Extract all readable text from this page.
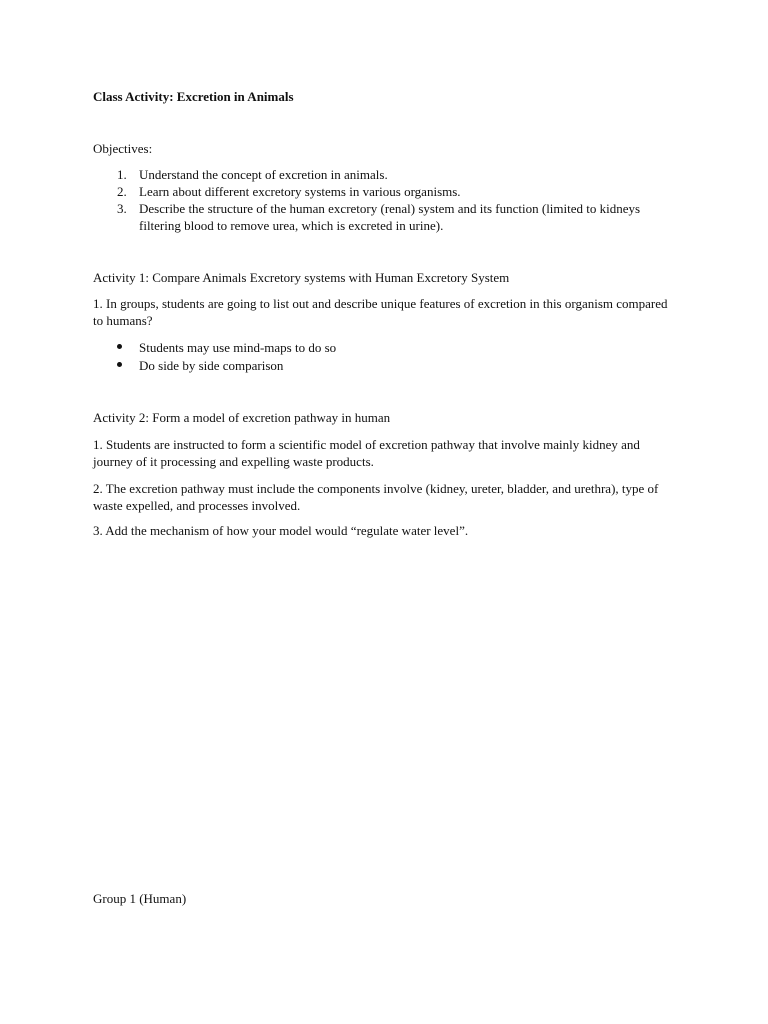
Class Activity: Excretion in Animals
Objectives:
1. Understand the concept of excretion in animals.
2. Learn about different excretory systems in various organisms.
3. Describe the structure of the human excretory (renal) system and its function (limited to kidneys filtering blood to remove urea, which is excreted in urine).
Activity 1: Compare Animals Excretory systems with Human Excretory System
1. In groups, students are going to list out and describe unique features of excretion in this organism compared to humans?
Students may use mind-maps to do so
Do side by side comparison
Activity 2: Form a model of excretion pathway in human
1. Students are instructed to form a scientific model of excretion pathway that involve mainly kidney and journey of it processing and expelling waste products.
2. The excretion pathway must include the components involve (kidney, ureter, bladder, and urethra), type of waste expelled, and processes involved.
3. Add the mechanism of how your model would “regulate water level”.
Group 1 (Human)
